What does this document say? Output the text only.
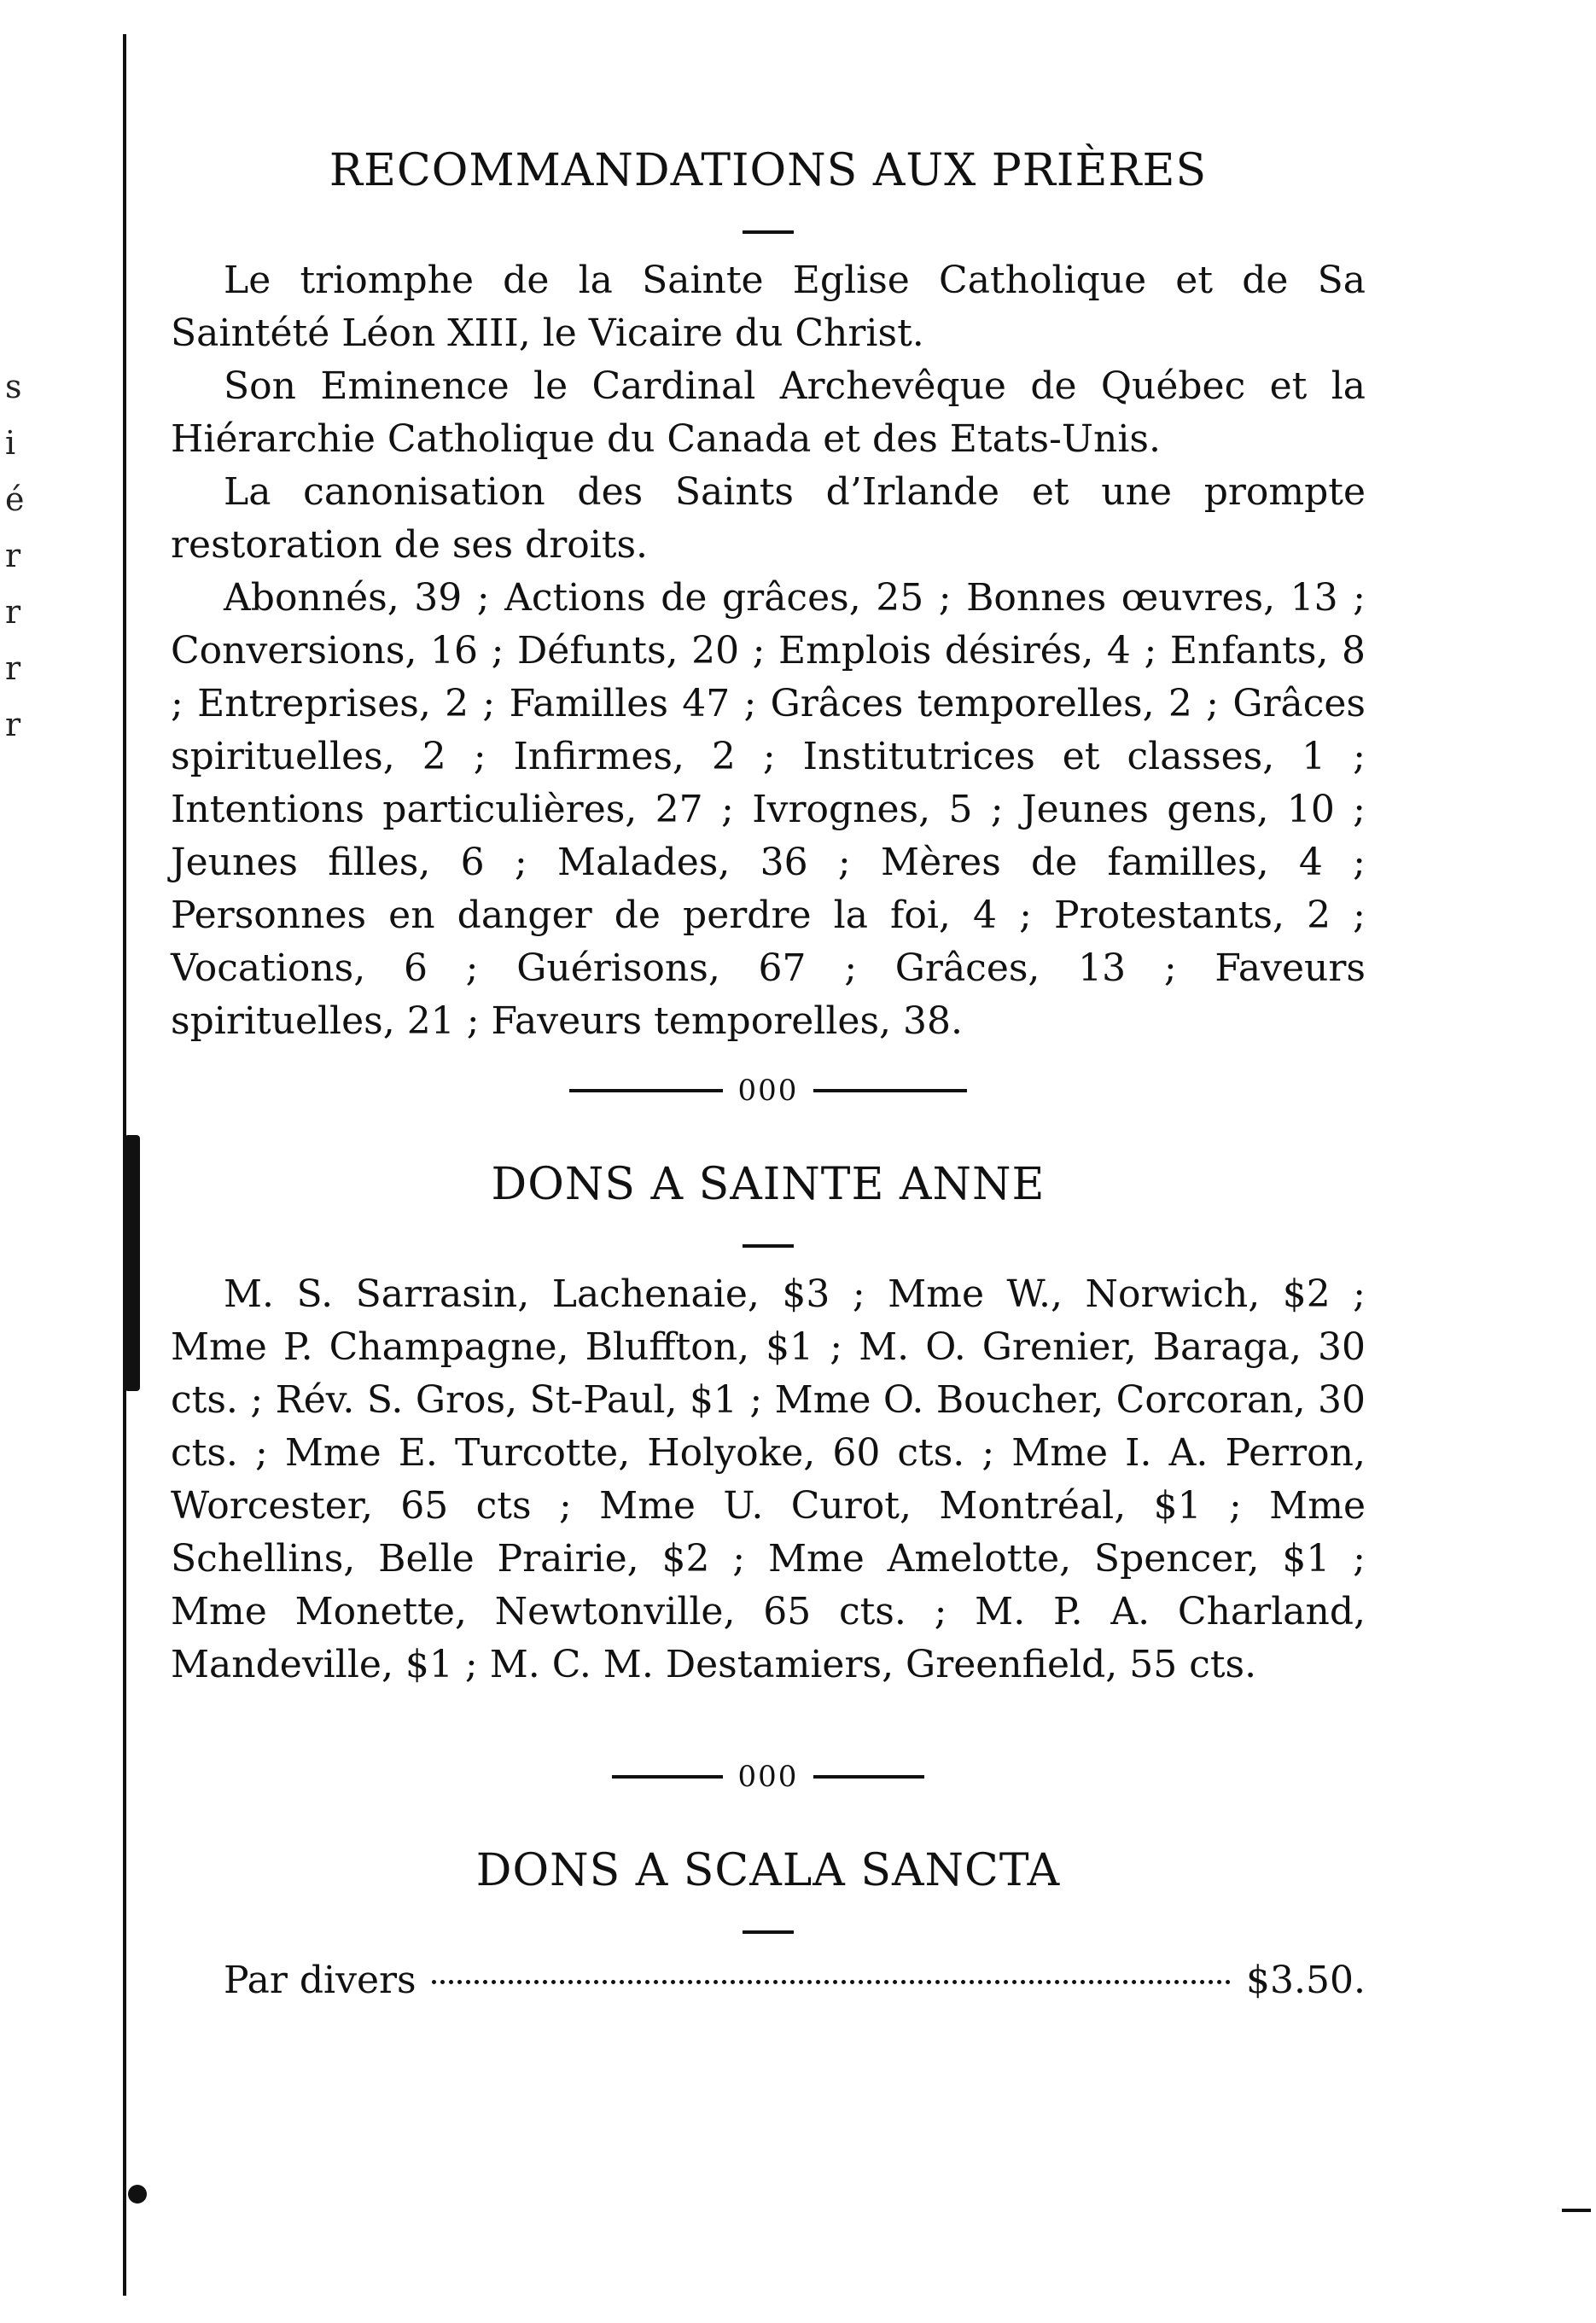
s
i
é
r
r
r
r
RECOMMANDATIONS AUX PRIÈRES

Le triomphe de la Sainte Eglise Catholique et de Sa Saintété Léon XIII, le Vicaire du Christ.

Son Eminence le Cardinal Archevêque de Québec et la Hiérarchie Catholique du Canada et des Etats-Unis.

La canonisation des Saints d’Irlande et une prompte restoration de ses droits.

Abonnés, 39 ; Actions de grâces, 25 ; Bonnes œuvres, 13 ; Conversions, 16 ; Défunts, 20 ; Emplois désirés, 4 ; Enfants, 8 ; Entreprises, 2 ; Familles 47 ; Grâces temporelles, 2 ; Grâces spirituelles, 2 ; Infirmes, 2 ; Institutrices et classes, 1 ; Intentions particulières, 27 ; Ivrognes, 5 ; Jeunes gens, 10 ; Jeunes filles, 6 ; Malades, 36 ; Mères de familles, 4 ; Personnes en danger de perdre la foi, 4 ; Protestants, 2 ; Vocations, 6 ; Guérisons, 67 ; Grâces, 13 ; Faveurs spirituelles, 21 ; Faveurs temporelles, 38.

000
DONS A SAINTE ANNE

M. S. Sarrasin, Lachenaie, $3 ; Mme W., Norwich, $2 ; Mme P. Champagne, Bluffton, $1 ; M. O. Grenier, Baraga, 30 cts. ; Rév. S. Gros, St-Paul, $1 ; Mme O. Boucher, Corcoran, 30 cts. ; Mme E. Turcotte, Holyoke, 60 cts. ; Mme I. A. Perron, Worcester, 65 cts ; Mme U. Curot, Montréal, $1 ; Mme Schellins, Belle Prairie, $2 ; Mme Amelotte, Spencer, $1 ; Mme Monette, Newtonville, 65 cts. ; M. P. A. Charland, Mandeville, $1 ; M. C. M. Destamiers, Greenfield, 55 cts.

000
DONS A SCALA SANCTA
Par divers	$3.50.
